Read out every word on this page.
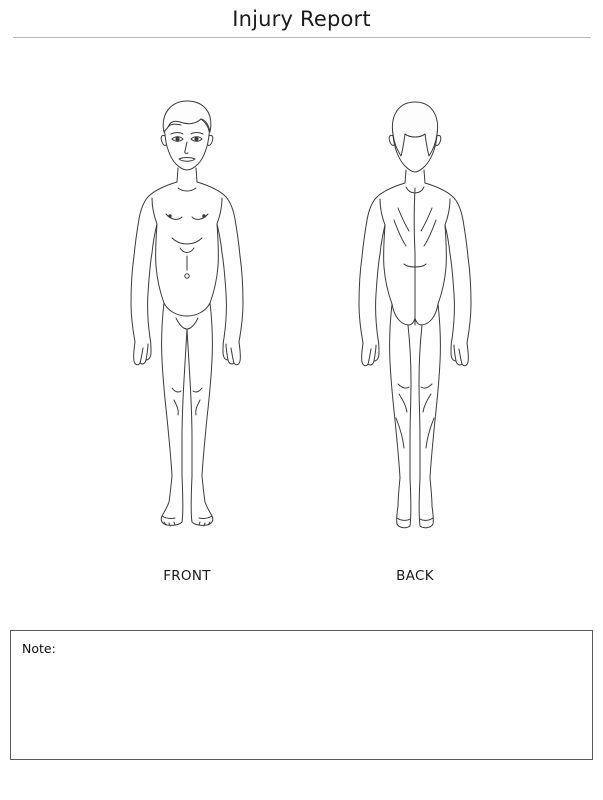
Injury Report
FRONT	BACK
Note:
